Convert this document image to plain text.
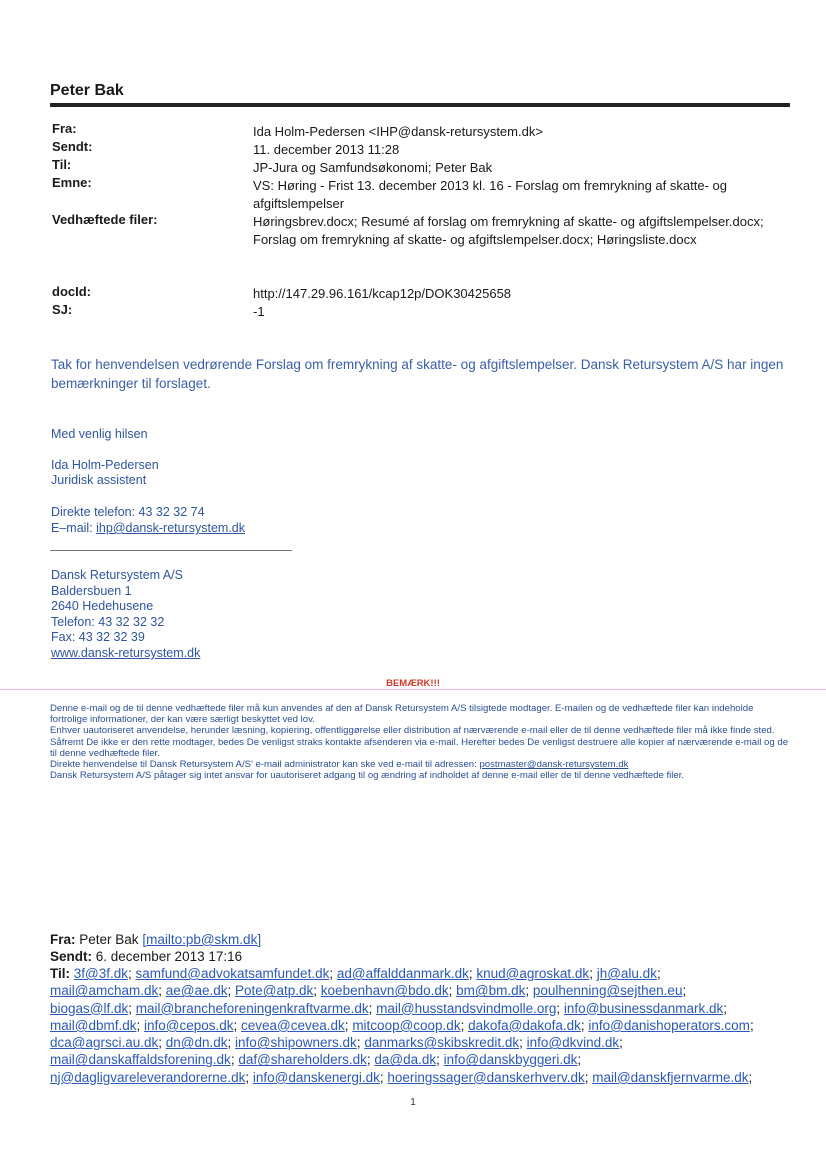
Peter Bak
Fra:	Ida Holm-Pedersen <IHP@dansk-retursystem.dk>
Sendt:	11. december 2013 11:28
Til:	JP-Jura og Samfundsøkonomi; Peter Bak
Emne:	VS: Høring - Frist 13. december 2013 kl. 16 - Forslag om fremrykning af skatte- og afgiftslempelser
Vedhæftede filer:	Høringsbrev.docx; Resumé af forslag om fremrykning af skatte- og afgiftslempelser.docx; Forslag om fremrykning af skatte- og afgiftslempelser.docx; Høringsliste.docx
docId:	http://147.29.96.161/kcap12p/DOK30425658
SJ:	-1
Tak for henvendelsen vedrørende Forslag om fremrykning af skatte- og afgiftslempelser. Dansk Retursystem A/S har ingen bemærkninger til forslaget.
Med venlig hilsen
Ida Holm-Pedersen
Juridisk assistent
Direkte telefon: 43 32 32 74
E–mail: ihp@dansk-retursystem.dk
Dansk Retursystem A/S
Baldersbuen 1
2640 Hedehusene
Telefon: 43 32 32 32
Fax: 43 32 32 39
www.dansk-retursystem.dk
BEMÆRK!!!

Denne e-mail og de til denne vedhæftede filer må kun anvendes af den af Dansk Retursystem A/S tilsigtede modtager. E-mailen og de vedhæftede filer kan indeholde fortrolige informationer, der kan være særligt beskyttet ved lov.

Enhver uautoriseret anvendelse, herunder læsning, kopiering, offentliggørelse eller distribution af nærværende e-mail eller de til denne vedhæftede filer må ikke finde sted.

Såfremt De ikke er den rette modtager, bedes De venligst straks kontakte afsenderen via e-mail. Herefter bedes De venligst destruere alle kopier af nærværende e-mail og de til denne vedhæftede filer.

Direkte henvendelse til Dansk Retursystem A/S' e-mail administrator kan ske ved e-mail til adressen: postmaster@dansk-retursystem.dk

Dansk Retursystem A/S påtager sig intet ansvar for uautoriseret adgang til og ændring af indholdet af denne e-mail eller de til denne vedhæftede filer.

Fra: Peter Bak [mailto:pb@skm.dk]
Sendt: 6. december 2013 17:16
Til: 3f@3f.dk; samfund@advokatsamfundet.dk; ad@affalddanmark.dk; knud@agroskat.dk; jh@alu.dk;
mail@amcham.dk; ae@ae.dk; Pote@atp.dk; koebenhavn@bdo.dk; bm@bm.dk; poulhenning@sejthen.eu;
biogas@lf.dk; mail@brancheforeningenkraftvarme.dk; mail@husstandsvindmolle.org; info@businessdanmark.dk;
mail@dbmf.dk; info@cepos.dk; cevea@cevea.dk; mitcoop@coop.dk; dakofa@dakofa.dk; info@danishoperators.com;
dca@agrsci.au.dk; dn@dn.dk; info@shipowners.dk; danmarks@skibskredit.dk; info@dkvind.dk;
mail@danskaffaldsforening.dk; daf@shareholders.dk; da@da.dk; info@danskbyggeri.dk;
nj@dagligvareleverandorerne.dk; info@danskenergi.dk; hoeringssager@danskerhverv.dk; mail@danskfjernvarme.dk;
1
